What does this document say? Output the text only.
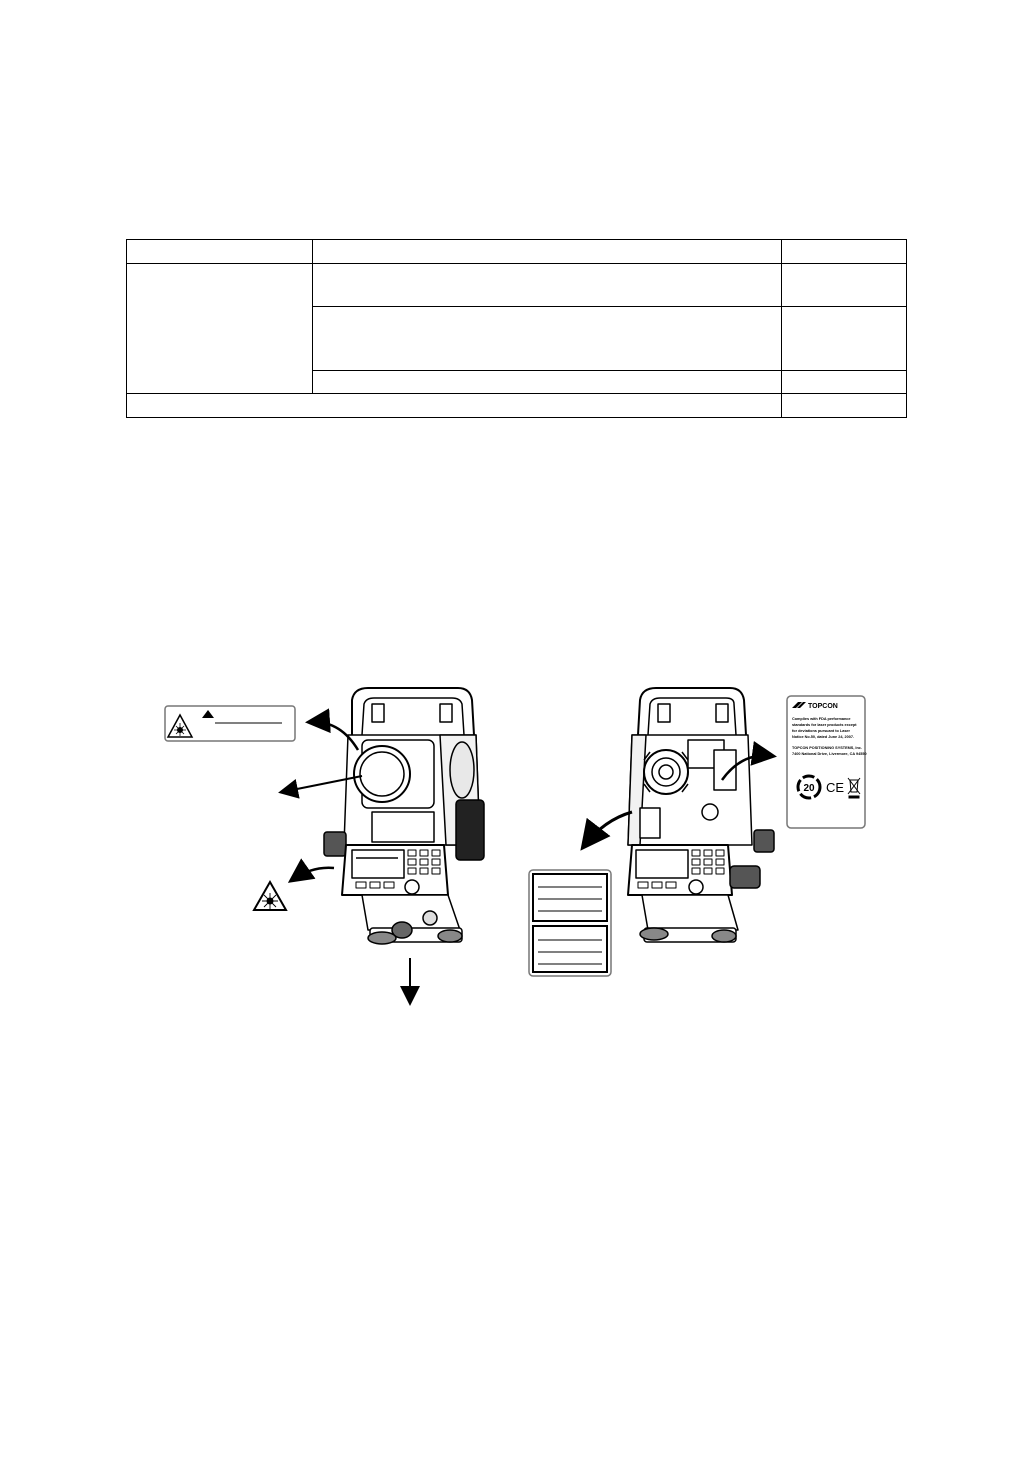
TOPCON
Complies with FDA performance standards for laser products except for deviations pursuant to Laser Notice No.50, dated June 24, 2007.
TOPCON POSITIONING SYSTEMS, Inc. 7400 National Drive, Livermore, CA 94550
20 CE
